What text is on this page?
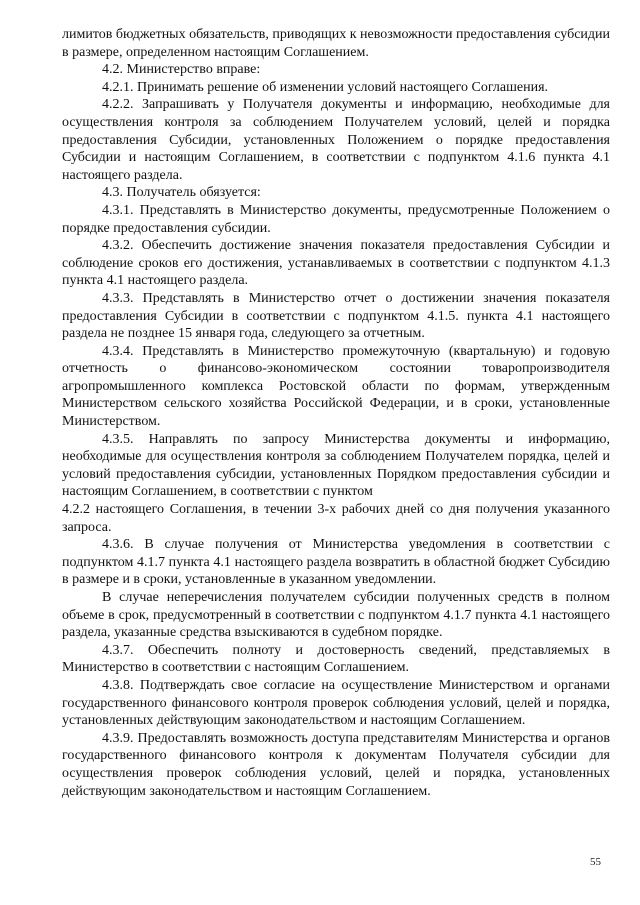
лимитов бюджетных обязательств, приводящих к невозможности предоставления субсидии в размере, определенном настоящим Соглашением.

4.2. Министерство вправе:

4.2.1. Принимать решение об изменении условий настоящего Соглашения.

4.2.2. Запрашивать у Получателя документы и информацию, необходимые для осуществления контроля за соблюдением Получателем условий, целей и порядка предоставления Субсидии, установленных Положением о порядке предоставления Субсидии и настоящим Соглашением, в соответствии с подпунктом 4.1.6 пункта 4.1 настоящего раздела.

4.3. Получатель обязуется:

4.3.1. Представлять в Министерство документы, предусмотренные Положением о порядке предоставления субсидии.

4.3.2. Обеспечить достижение значения показателя предоставления Субсидии и соблюдение сроков его достижения, устанавливаемых в соответствии с подпунктом 4.1.3 пункта 4.1 настоящего раздела.

4.3.3. Представлять в Министерство отчет о достижении значения показателя предоставления Субсидии в соответствии с подпунктом 4.1.5. пункта 4.1 настоящего раздела не позднее 15 января года, следующего за отчетным.

4.3.4. Представлять в Министерство промежуточную (квартальную) и годовую отчетность о финансово-экономическом состоянии товаропроизводителя агропромышленного комплекса Ростовской области по формам, утвержденным Министерством сельского хозяйства Российской Федерации, и в сроки, установленные Министерством.

4.3.5. Направлять по запросу Министерства документы и информацию, необходимые для осуществления контроля за соблюдением Получателем порядка, целей и условий предоставления субсидии, установленных Порядком предоставления субсидии и настоящим Соглашением, в соответствии с пунктом

4.2.2 настоящего Соглашения, в течении 3-х рабочих дней со дня получения указанного запроса.

4.3.6. В случае получения от Министерства уведомления в соответствии с подпунктом 4.1.7 пункта 4.1 настоящего раздела возвратить в областной бюджет Субсидию в размере и в сроки, установленные в указанном уведомлении.

В случае неперечисления получателем субсидии полученных средств в полном объеме в срок, предусмотренный в соответствии с подпунктом 4.1.7 пункта 4.1 настоящего раздела, указанные средства взыскиваются в судебном порядке.

4.3.7. Обеспечить полноту и достоверность сведений, представляемых в Министерство в соответствии с настоящим Соглашением.

4.3.8. Подтверждать свое согласие на осуществление Министерством и органами государственного финансового контроля проверок соблюдения условий, целей и порядка, установленных действующим законодательством и настоящим Соглашением.

4.3.9. Предоставлять возможность доступа представителям Министерства и органов государственного финансового контроля к документам Получателя субсидии для осуществления проверок соблюдения условий, целей и порядка, установленных действующим законодательством и настоящим Соглашением.

55
